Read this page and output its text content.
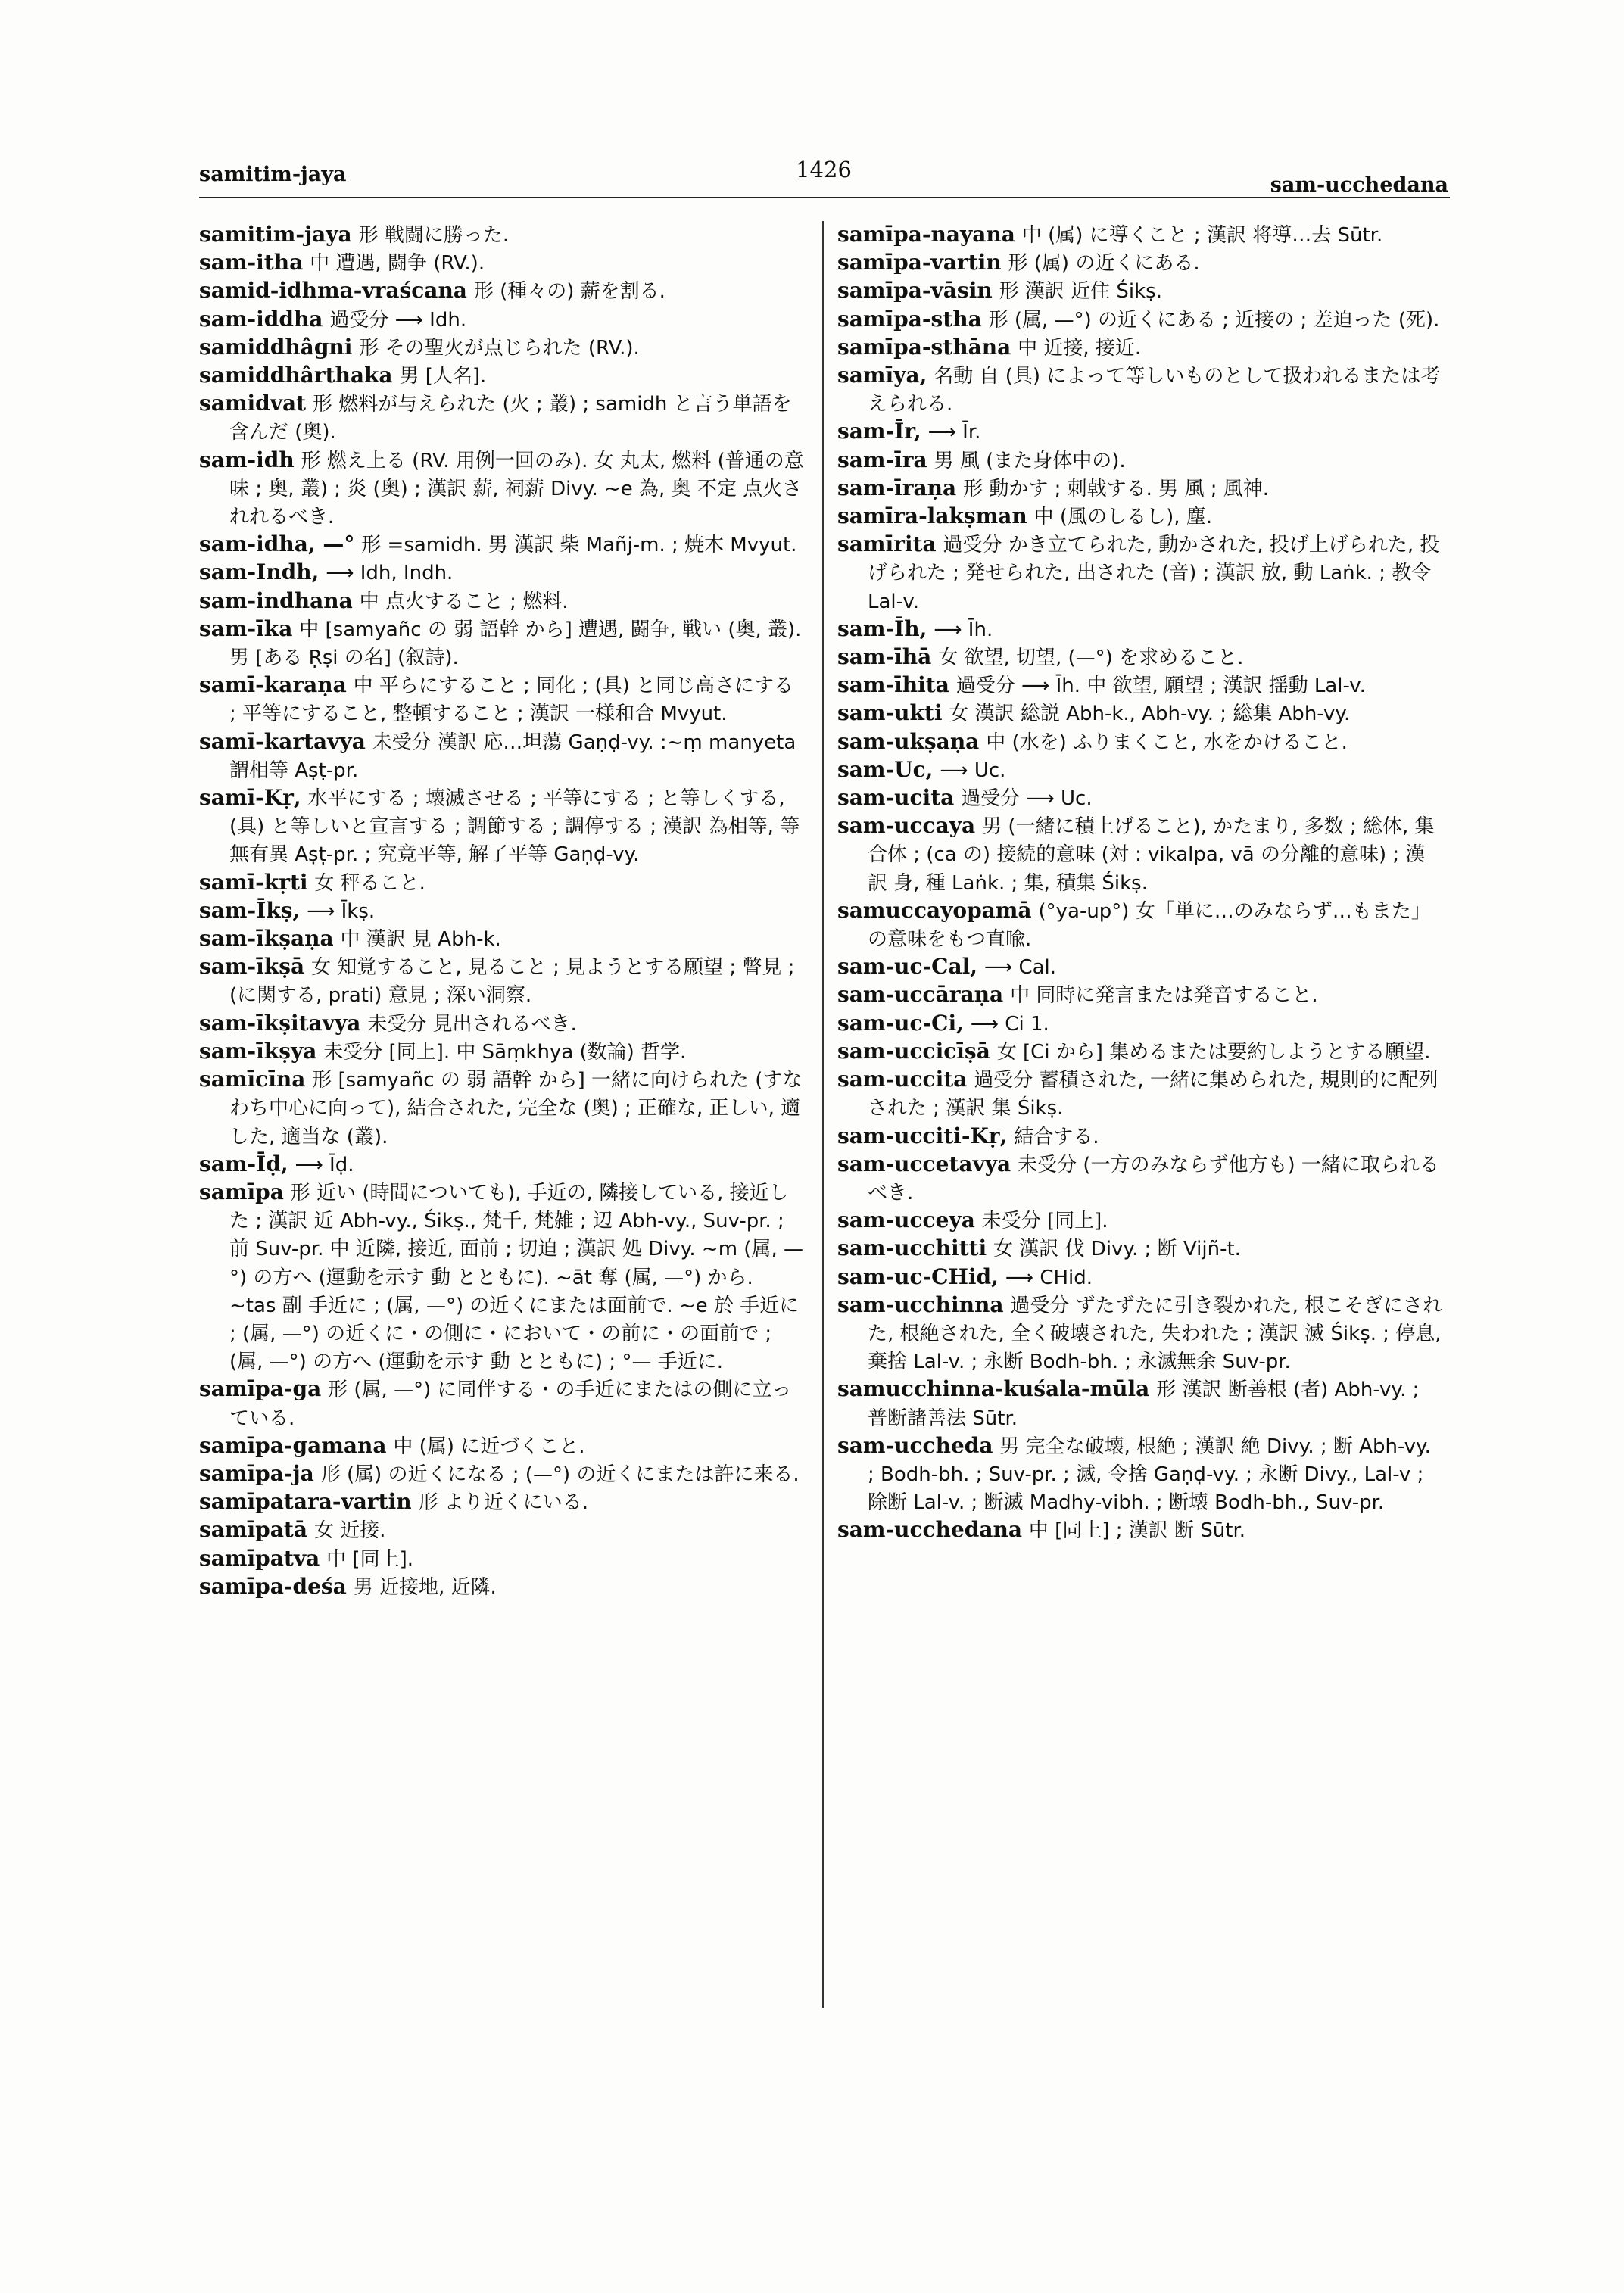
samitim-jaya	1426
sam-ucchedana

samitim-jaya 形 戦闘に勝った.

sam-itha 中 遭遇, 闘争 (RV.).

samid-idhma-vraścana 形 (種々の) 薪を割る.

sam-iddha 過受分 ⟶ Idh.

samiddhâgni 形 その聖火が点じられた (RV.).

samiddhârthaka 男 [人名].

samidvat 形 燃料が与えられた (火 ; 叢) ; samidh と言う単語を含んだ (奥).

sam-idh 形 燃え上る (RV. 用例一回のみ). 女 丸太, 燃料 (普通の意味 ; 奥, 叢) ; 炎 (奥) ; 漢訳 薪, 祠薪 Divy. ~e 為, 奥 不定 点火されれるべき.

sam-idha, —° 形 =samidh. 男 漢訳 柴 Mañj-m. ; 焼木 Mvyut.

sam-Indh, ⟶ Idh, Indh.

sam-indhana 中 点火すること ; 燃料.

sam-īka 中 [samyañc の 弱 語幹 から] 遭遇, 闘争, 戦い (奥, 叢). 男 [ある Ṛṣi の名] (叙詩).

samī-karaṇa 中 平らにすること ; 同化 ; (具) と同じ高さにする ; 平等にすること, 整頓すること ; 漢訳 一様和合 Mvyut.

samī-kartavya 未受分 漢訳 応…坦蕩 Gaṇḍ-vy. :~ṃ manyeta 謂相等 Aṣṭ-pr.

samī-Kṛ, 水平にする ; 壊滅させる ; 平等にする ; と等しくする, (具) と等しいと宣言する ; 調節する ; 調停する ; 漢訳 為相等, 等無有異 Aṣṭ-pr. ; 究竟平等, 解了平等 Gaṇḍ-vy.

samī-kṛti 女 秤ること.

sam-Īkṣ, ⟶ Īkṣ.

sam-īkṣaṇa 中 漢訳 見 Abh-k.

sam-īkṣā 女 知覚すること, 見ること ; 見ようとする願望 ; 瞥見 ; (に関する, prati) 意見 ; 深い洞察.

sam-īkṣitavya 未受分 見出されるべき.

sam-īkṣya 未受分 [同上]. 中 Sāṃkhya (数論) 哲学.

samīcīna 形 [samyañc の 弱 語幹 から] 一緒に向けられた (すなわち中心に向って), 結合された, 完全な (奥) ; 正確な, 正しい, 適した, 適当な (叢).

sam-Īḍ, ⟶ Īḍ.

samīpa 形 近い (時間についても), 手近の, 隣接している, 接近した ; 漢訳 近 Abh-vy., Śikṣ., 梵千, 梵雑 ; 辺 Abh-vy., Suv-pr. ; 前 Suv-pr. 中 近隣, 接近, 面前 ; 切迫 ; 漢訳 処 Divy. ~m (属, —°) の方へ (運動を示す 動 とともに). ~āt 奪 (属, —°) から. ~tas 副 手近に ; (属, —°) の近くにまたは面前で. ~e 於 手近に ; (属, —°) の近くに・の側に・において・の前に・の面前で ; (属, —°) の方へ (運動を示す 動 とともに) ; °— 手近に.

samīpa-ga 形 (属, —°) に同伴する・の手近にまたはの側に立っている.

samīpa-gamana 中 (属) に近づくこと.

samīpa-ja 形 (属) の近くになる ; (—°) の近くにまたは許に来る.

samīpatara-vartin 形 より近くにいる.

samīpatā 女 近接.

samīpatva 中 [同上].

samīpa-deśa 男 近接地, 近隣.

samīpa-nayana 中 (属) に導くこと ; 漢訳 将導…去 Sūtr.

samīpa-vartin 形 (属) の近くにある.

samīpa-vāsin 形 漢訳 近住 Śikṣ.

samīpa-stha 形 (属, —°) の近くにある ; 近接の ; 差迫った (死).

samīpa-sthāna 中 近接, 接近.

samīya, 名動 自 (具) によって等しいものとして扱われるまたは考えられる.

sam-Īr, ⟶ Īr.

sam-īra 男 風 (また身体中の).

sam-īraṇa 形 動かす ; 刺戟する. 男 風 ; 風神.

samīra-lakṣman 中 (風のしるし), 塵.

samīrita 過受分 かき立てられた, 動かされた, 投げ上げられた, 投げられた ; 発せられた, 出された (音) ; 漢訳 放, 動 Laṅk. ; 教令 Lal-v.

sam-Īh, ⟶ Īh.

sam-īhā 女 欲望, 切望, (—°) を求めること.

sam-īhita 過受分 ⟶ Īh. 中 欲望, 願望 ; 漢訳 揺動 Lal-v.

sam-ukti 女 漢訳 総説 Abh-k., Abh-vy. ; 総集 Abh-vy.

sam-ukṣaṇa 中 (水を) ふりまくこと, 水をかけること.

sam-Uc, ⟶ Uc.

sam-ucita 過受分 ⟶ Uc.

sam-uccaya 男 (一緒に積上げること), かたまり, 多数 ; 総体, 集合体 ; (ca の) 接続的意味 (対 : vikalpa, vā の分離的意味) ; 漢訳 身, 種 Laṅk. ; 集, 積集 Śikṣ.

samuccayopamā (°ya-up°) 女「単に…のみならず…もまた」の意味をもつ直喩.

sam-uc-Cal, ⟶ Cal.

sam-uccāraṇa 中 同時に発言または発音すること.

sam-uc-Ci, ⟶ Ci 1.

sam-uccicīṣā 女 [Ci から] 集めるまたは要約しようとする願望.

sam-uccita 過受分 蓄積された, 一緒に集められた, 規則的に配列された ; 漢訳 集 Śikṣ.

sam-ucciti-Kṛ, 結合する.

sam-uccetavya 未受分 (一方のみならず他方も) 一緒に取られるべき.

sam-ucceya 未受分 [同上].

sam-ucchitti 女 漢訳 伐 Divy. ; 断 Vijñ-t.

sam-uc-CHid, ⟶ CHid.

sam-ucchinna 過受分 ずたずたに引き裂かれた, 根こそぎにされた, 根絶された, 全く破壊された, 失われた ; 漢訳 滅 Śikṣ. ; 停息, 棄捨 Lal-v. ; 永断 Bodh-bh. ; 永滅無余 Suv-pr.

samucchinna-kuśala-mūla 形 漢訳 断善根 (者) Abh-vy. ; 普断諸善法 Sūtr.

sam-uccheda 男 完全な破壊, 根絶 ; 漢訳 絶 Divy. ; 断 Abh-vy. ; Bodh-bh. ; Suv-pr. ; 滅, 令捨 Gaṇḍ-vy. ; 永断 Divy., Lal-v ; 除断 Lal-v. ; 断滅 Madhy-vibh. ; 断壊 Bodh-bh., Suv-pr.

sam-ucchedana 中 [同上] ; 漢訳 断 Sūtr.
